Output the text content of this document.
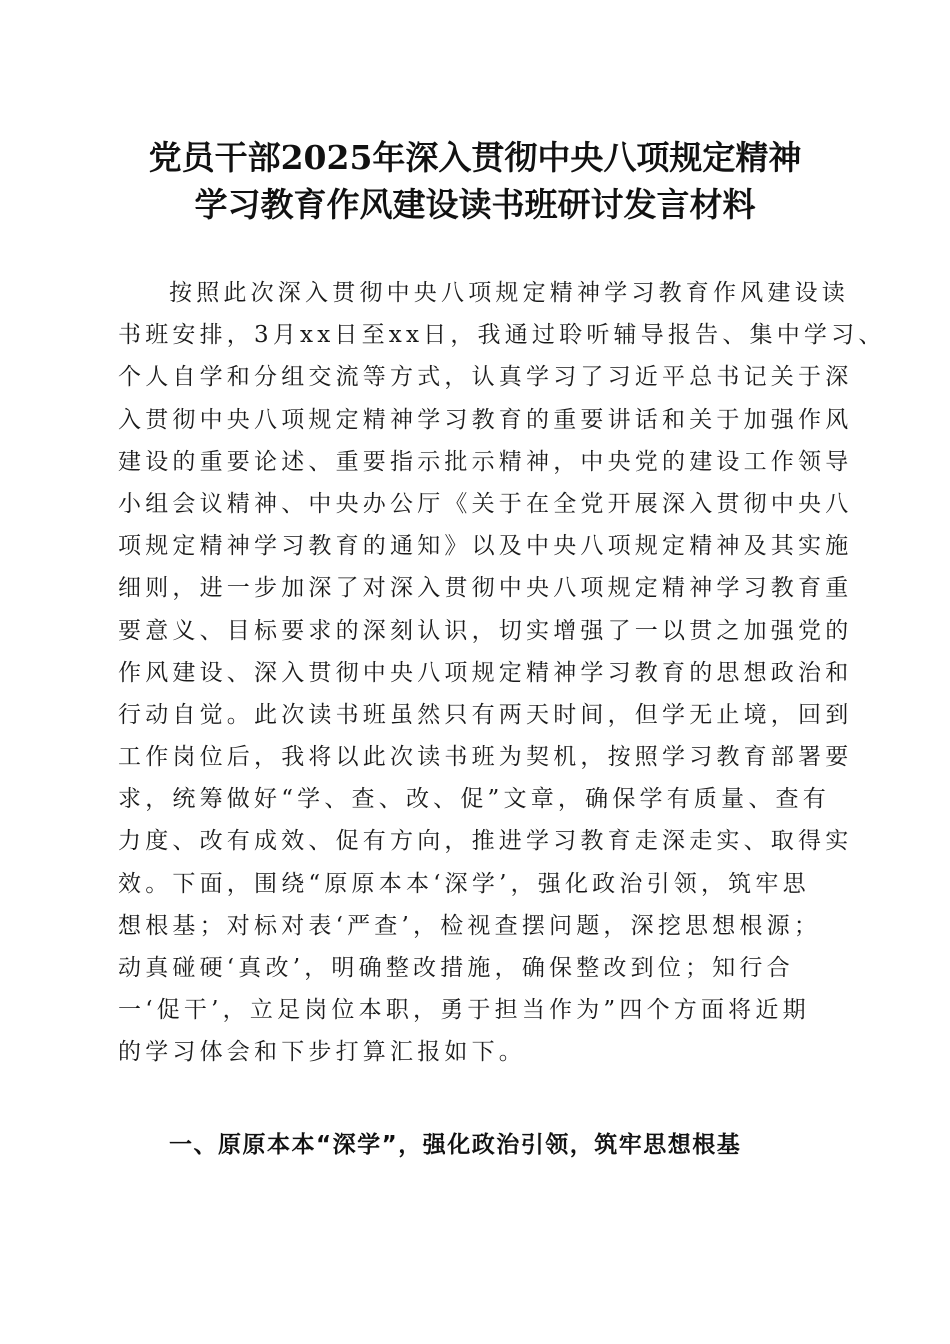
党员干部2025年深入贯彻中央八项规定精神
学习教育作风建设读书班研讨发言材料
按照此次深入贯彻中央八项规定精神学习教育作风建设读
书班安排，3月xx日至xx日，我通过聆听辅导报告、集中学习、
个人自学和分组交流等方式，认真学习了习近平总书记关于深
入贯彻中央八项规定精神学习教育的重要讲话和关于加强作风
建设的重要论述、重要指示批示精神，中央党的建设工作领导
小组会议精神、中央办公厅《关于在全党开展深入贯彻中央八
项规定精神学习教育的通知》以及中央八项规定精神及其实施
细则，进一步加深了对深入贯彻中央八项规定精神学习教育重
要意义、目标要求的深刻认识，切实增强了一以贯之加强党的
作风建设、深入贯彻中央八项规定精神学习教育的思想政治和
行动自觉。此次读书班虽然只有两天时间，但学无止境，回到
工作岗位后，我将以此次读书班为契机，按照学习教育部署要
求，统筹做好“学、查、改、促”文章，确保学有质量、查有
力度、改有成效、促有方向，推进学习教育走深走实、取得实
效。下面，围绕“原原本本‘深学’，强化政治引领，筑牢思
想根基；对标对表‘严查’，检视查摆问题，深挖思想根源；
动真碰硬‘真改’，明确整改措施，确保整改到位；知行合
一‘促干’，立足岗位本职，勇于担当作为”四个方面将近期
的学习体会和下步打算汇报如下。
一、原原本本“深学”，强化政治引领，筑牢思想根基
